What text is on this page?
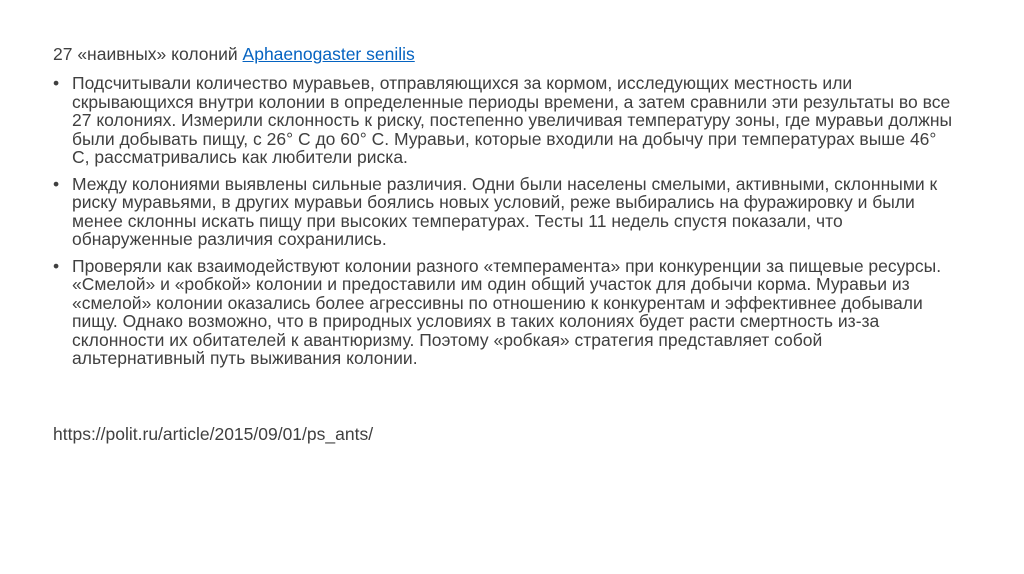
27 «наивных» колоний Aphaenogaster senilis
• Подсчитывали количество муравьев, отправляющихся за кормом, исследующих местность или скрывающихся внутри колонии в определенные периоды времени, а затем сравнили эти результаты во все 27 колониях. Измерили склонность к риску, постепенно увеличивая температуру зоны, где муравьи должны были добывать пищу, с 26° С до 60° С. Муравьи, которые входили на добычу при температурах выше 46° С, рассматривались как любители риска.
• Между колониями выявлены сильные различия. Одни были населены смелыми, активными, склонными к риску муравьями, в других муравьи боялись новых условий, реже выбирались на фуражировку и были менее склонны искать пищу при высоких температурах. Тесты 11 недель спустя показали, что обнаруженные различия сохранились.
• Проверяли как взаимодействуют колонии разного «темперамента» при конкуренции за пищевые ресурсы. «Смелой» и «робкой» колонии и предоставили им один общий участок для добычи корма. Муравьи из «смелой» колонии оказались более агрессивны по отношению к конкурентам и эффективнее добывали пищу. Однако возможно, что в природных условиях в таких колониях будет расти смертность из-за склонности их обитателей к авантюризму. Поэтому «робкая» стратегия представляет собой альтернативный путь выживания колонии.
https://polit.ru/article/2015/09/01/ps_ants/
